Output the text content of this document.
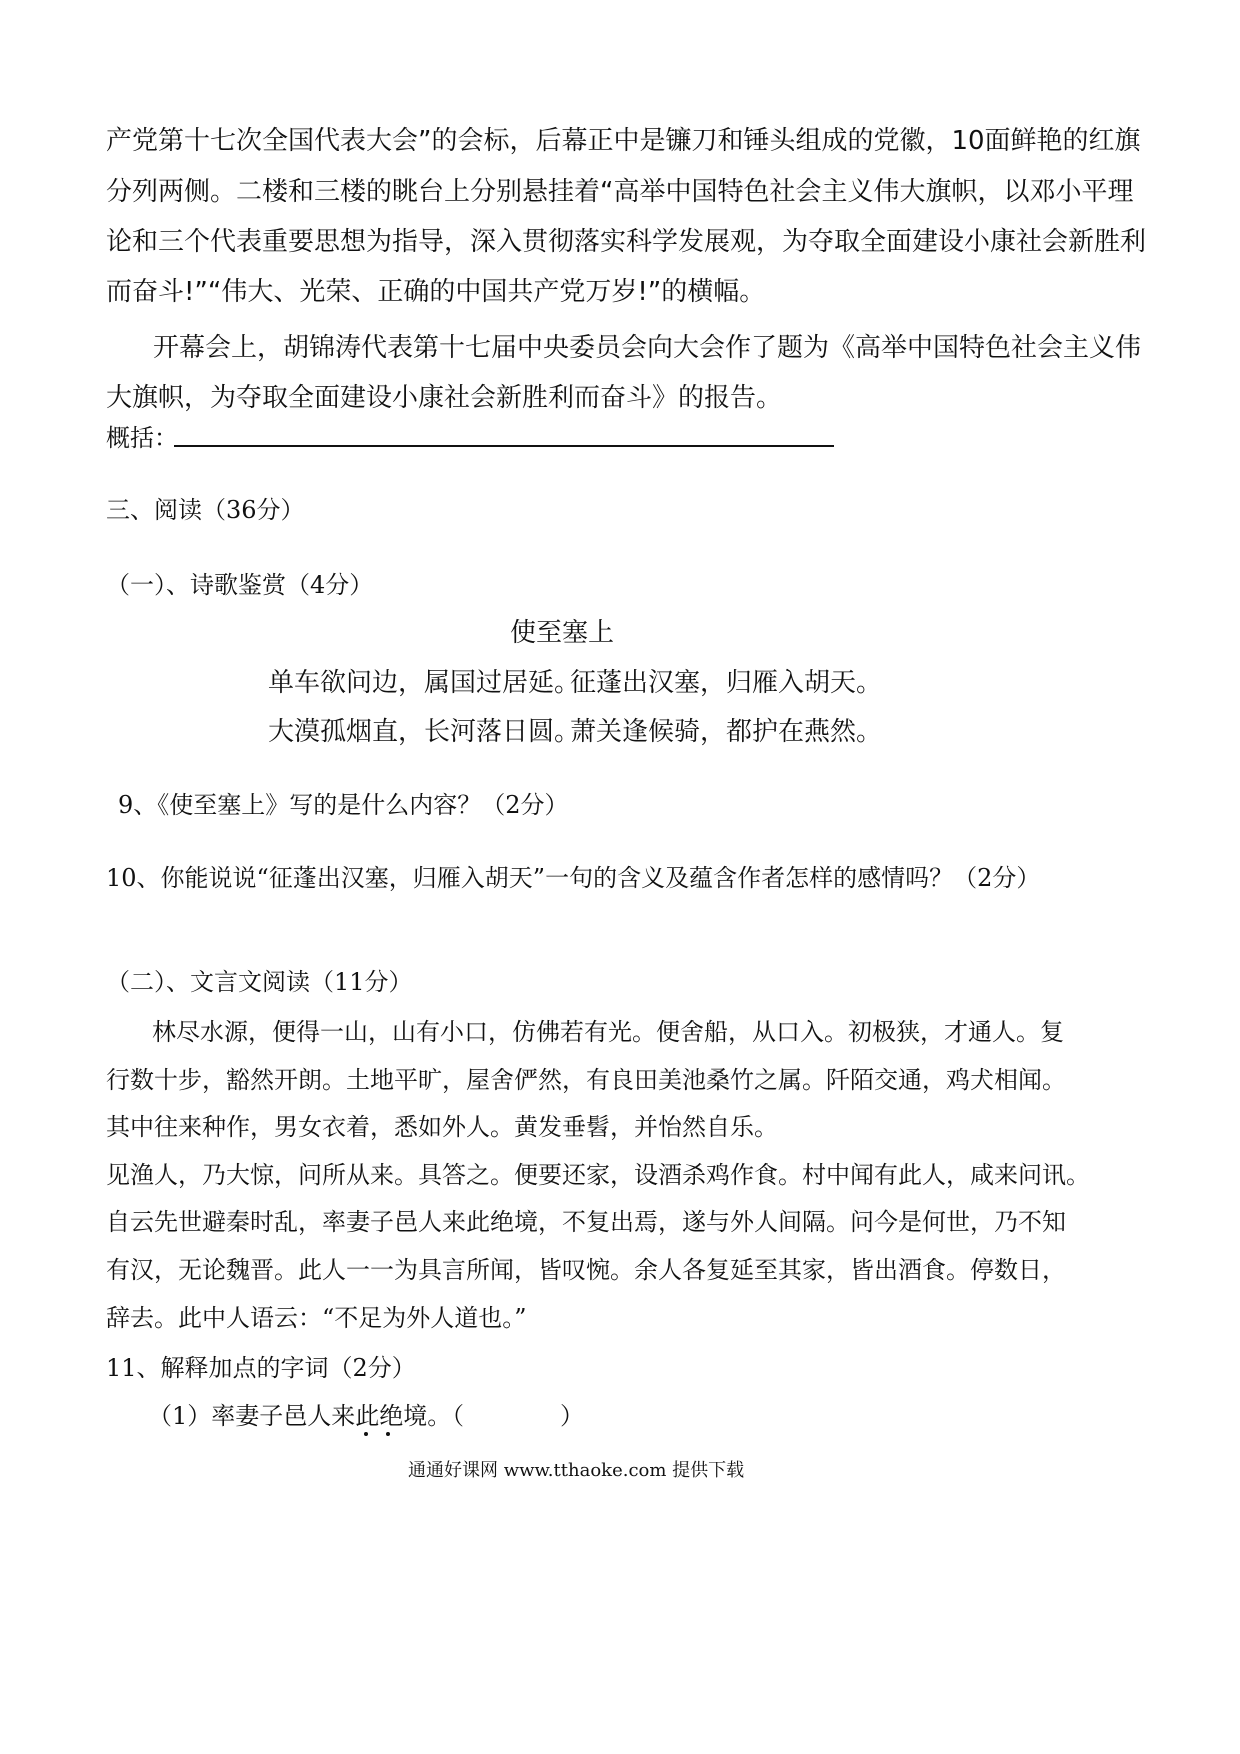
产党第十七次全国代表大会”的会标，后幕正中是镰刀和锤头组成的党徽，10面鲜艳的红旗
分列两侧。二楼和三楼的眺台上分别悬挂着“高举中国特色社会主义伟大旗帜，以邓小平理
论和三个代表重要思想为指导，深入贯彻落实科学发展观，为夺取全面建设小康社会新胜利
而奋斗!”“伟大、光荣、正确的中国共产党万岁!”的横幅。
开幕会上，胡锦涛代表第十七届中央委员会向大会作了题为《高举中国特色社会主义伟
大旗帜，为夺取全面建设小康社会新胜利而奋斗》的报告。
概括：
三、阅读（36分）
（一）、诗歌鉴赏（4分）
使至塞上
单车欲问边，属国过居延。
征蓬出汉塞，归雁入胡天。
大漠孤烟直，长河落日圆。
萧关逢候骑，都护在燕然。
9、《使至塞上》写的是什么内容？（2分）
10、你能说说“征蓬出汉塞，归雁入胡天”一句的含义及蕴含作者怎样的感情吗？（2分）
（二）、文言文阅读（11分）
林尽水源，便得一山，山有小口，仿佛若有光。便舍船，从口入。初极狭，才通人。复
行数十步，豁然开朗。土地平旷，屋舍俨然，有良田美池桑竹之属。阡陌交通，鸡犬相闻。
其中往来种作，男女衣着，悉如外人。黄发垂髫，并怡然自乐。
见渔人，乃大惊，问所从来。具答之。便要还家，设酒杀鸡作食。村中闻有此人，咸来问讯。
自云先世避秦时乱，率妻子邑人来此绝境，不复出焉，遂与外人间隔。问今是何世，乃不知
有汉，无论魏晋。此人一一为具言所闻，皆叹惋。余人各复延至其家，皆出酒食。停数日，
辞去。此中人语云：“不足为外人道也。”
11、解释加点的字词（2分）
（1）率妻子邑人来此绝境。
（　　　　）
通通好课网 www.tthaoke.com 提供下载
